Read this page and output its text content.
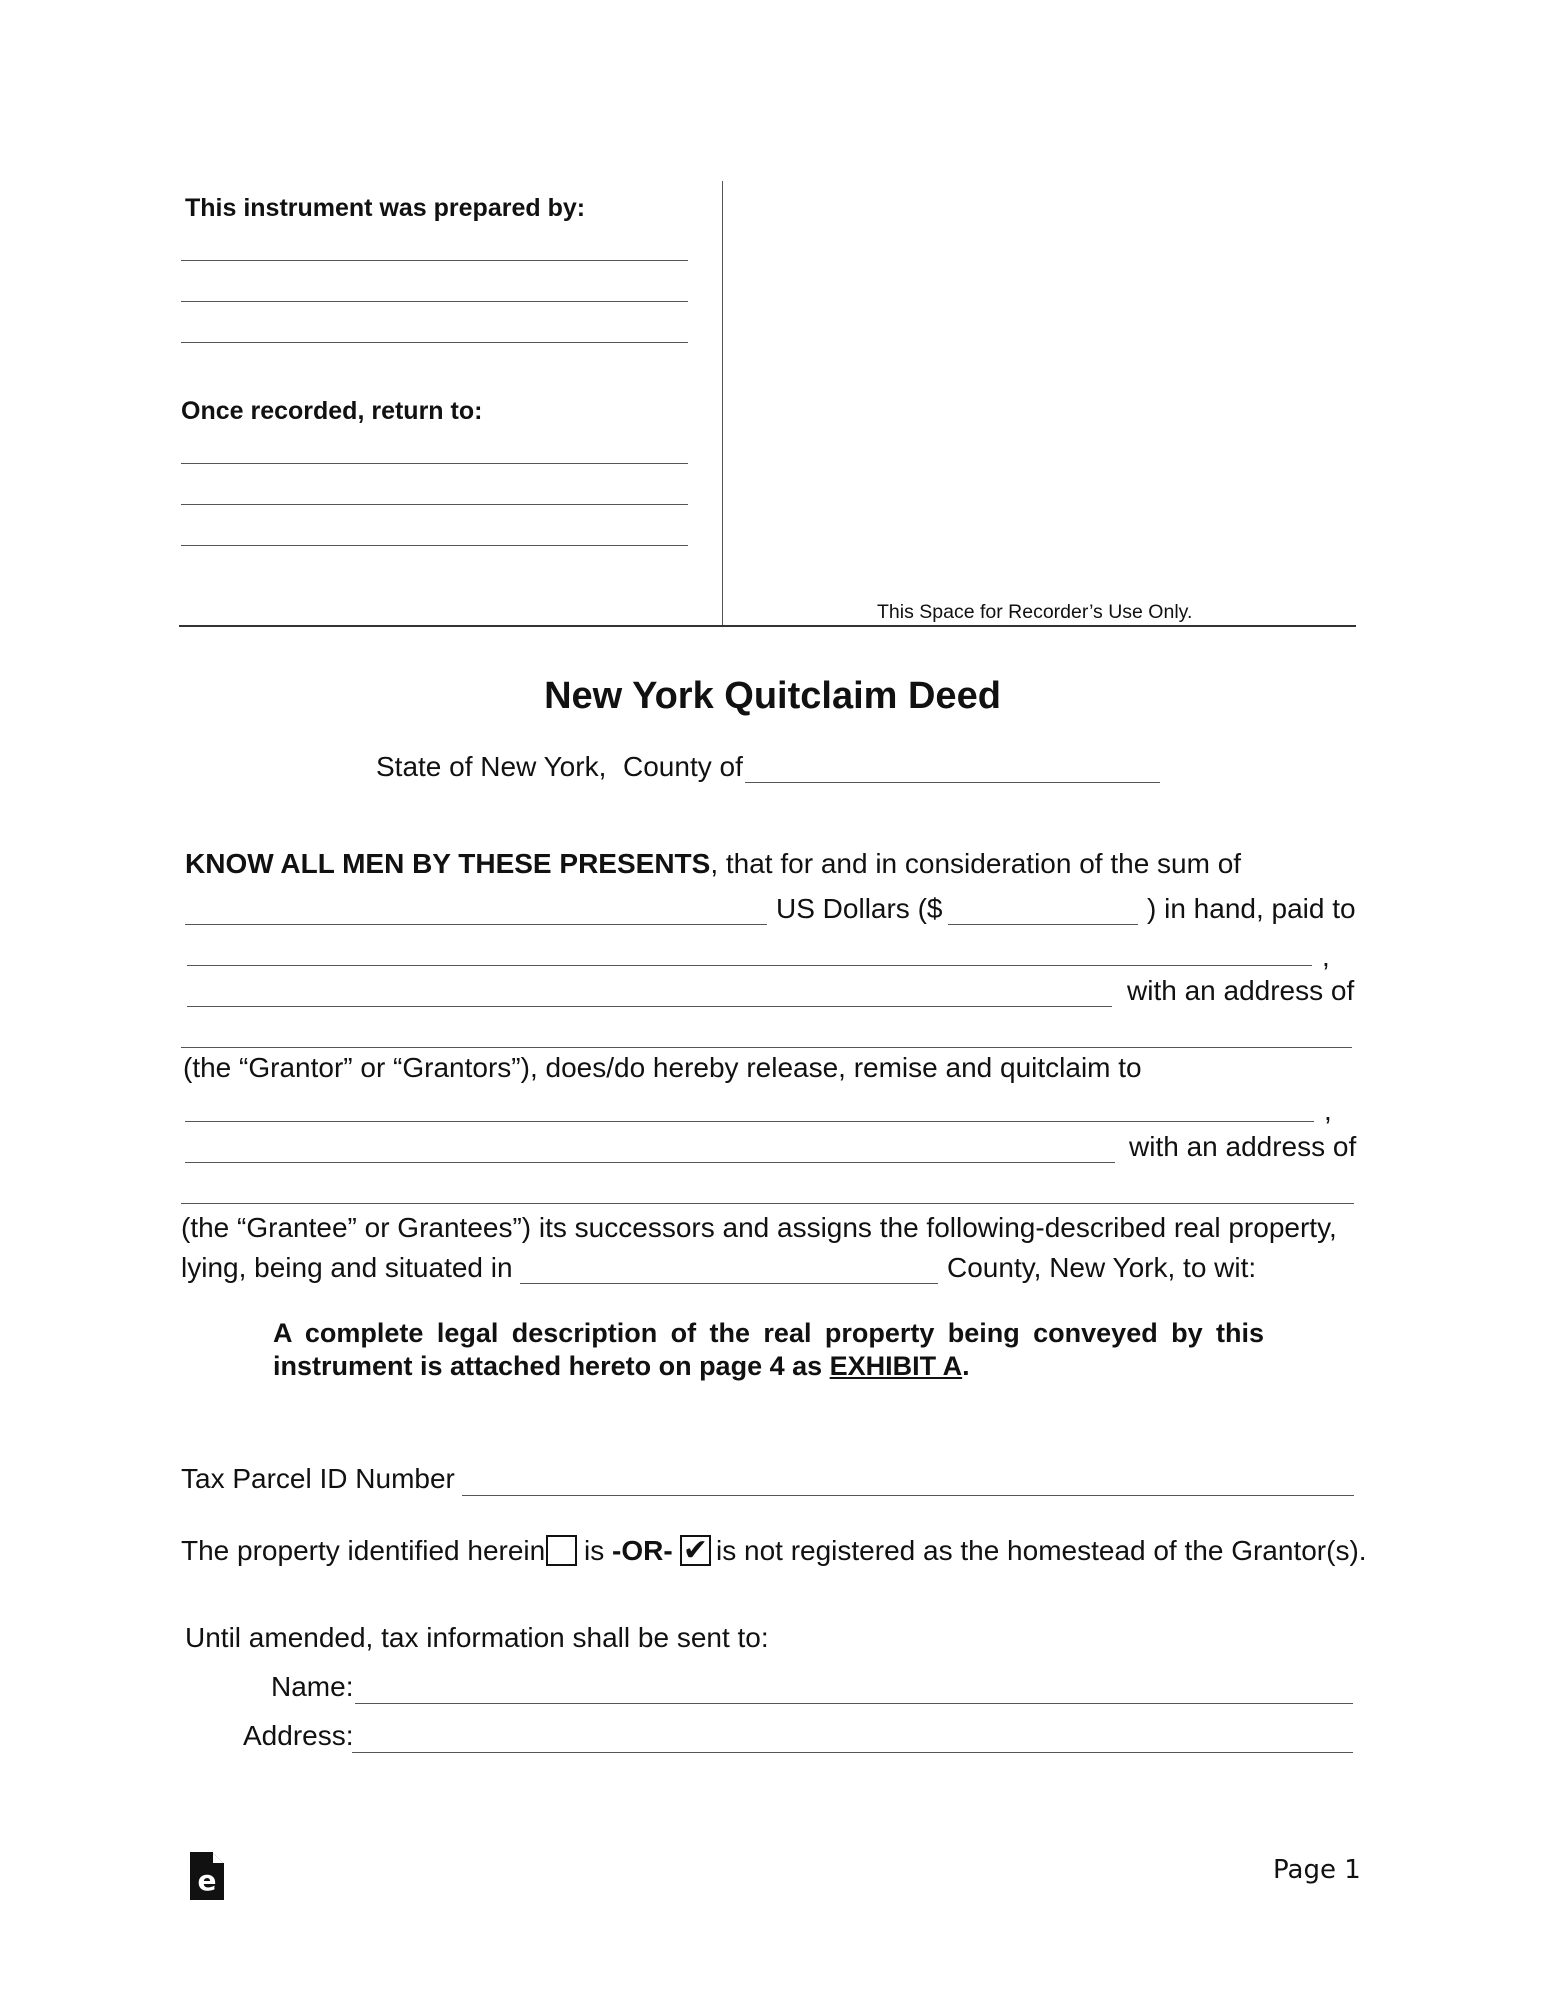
This instrument was prepared by:
Once recorded, return to:
This Space for Recorder’s Use Only.
New York Quitclaim Deed
State of New York, County of
KNOW ALL MEN BY THESE PRESENTS, that for and in consideration of the sum of
US Dollars ($	) in hand, paid to
,
with an address of
(the “Grantor” or “Grantors”), does/do hereby release, remise and quitclaim to
,
with an address of
(the “Grantee” or Grantees”) its successors and assigns the following-described real property,
lying, being and situated in	County, New York, to wit:
A complete legal description of the real property being conveyed by this instrument is attached hereto on page 4 as EXHIBIT A.
Tax Parcel ID Number
The property identified herein is -OR- ✔ is not registered as the homestead of the Grantor(s).
Until amended, tax information shall be sent to:
Name:
Address:
e	Page 1
